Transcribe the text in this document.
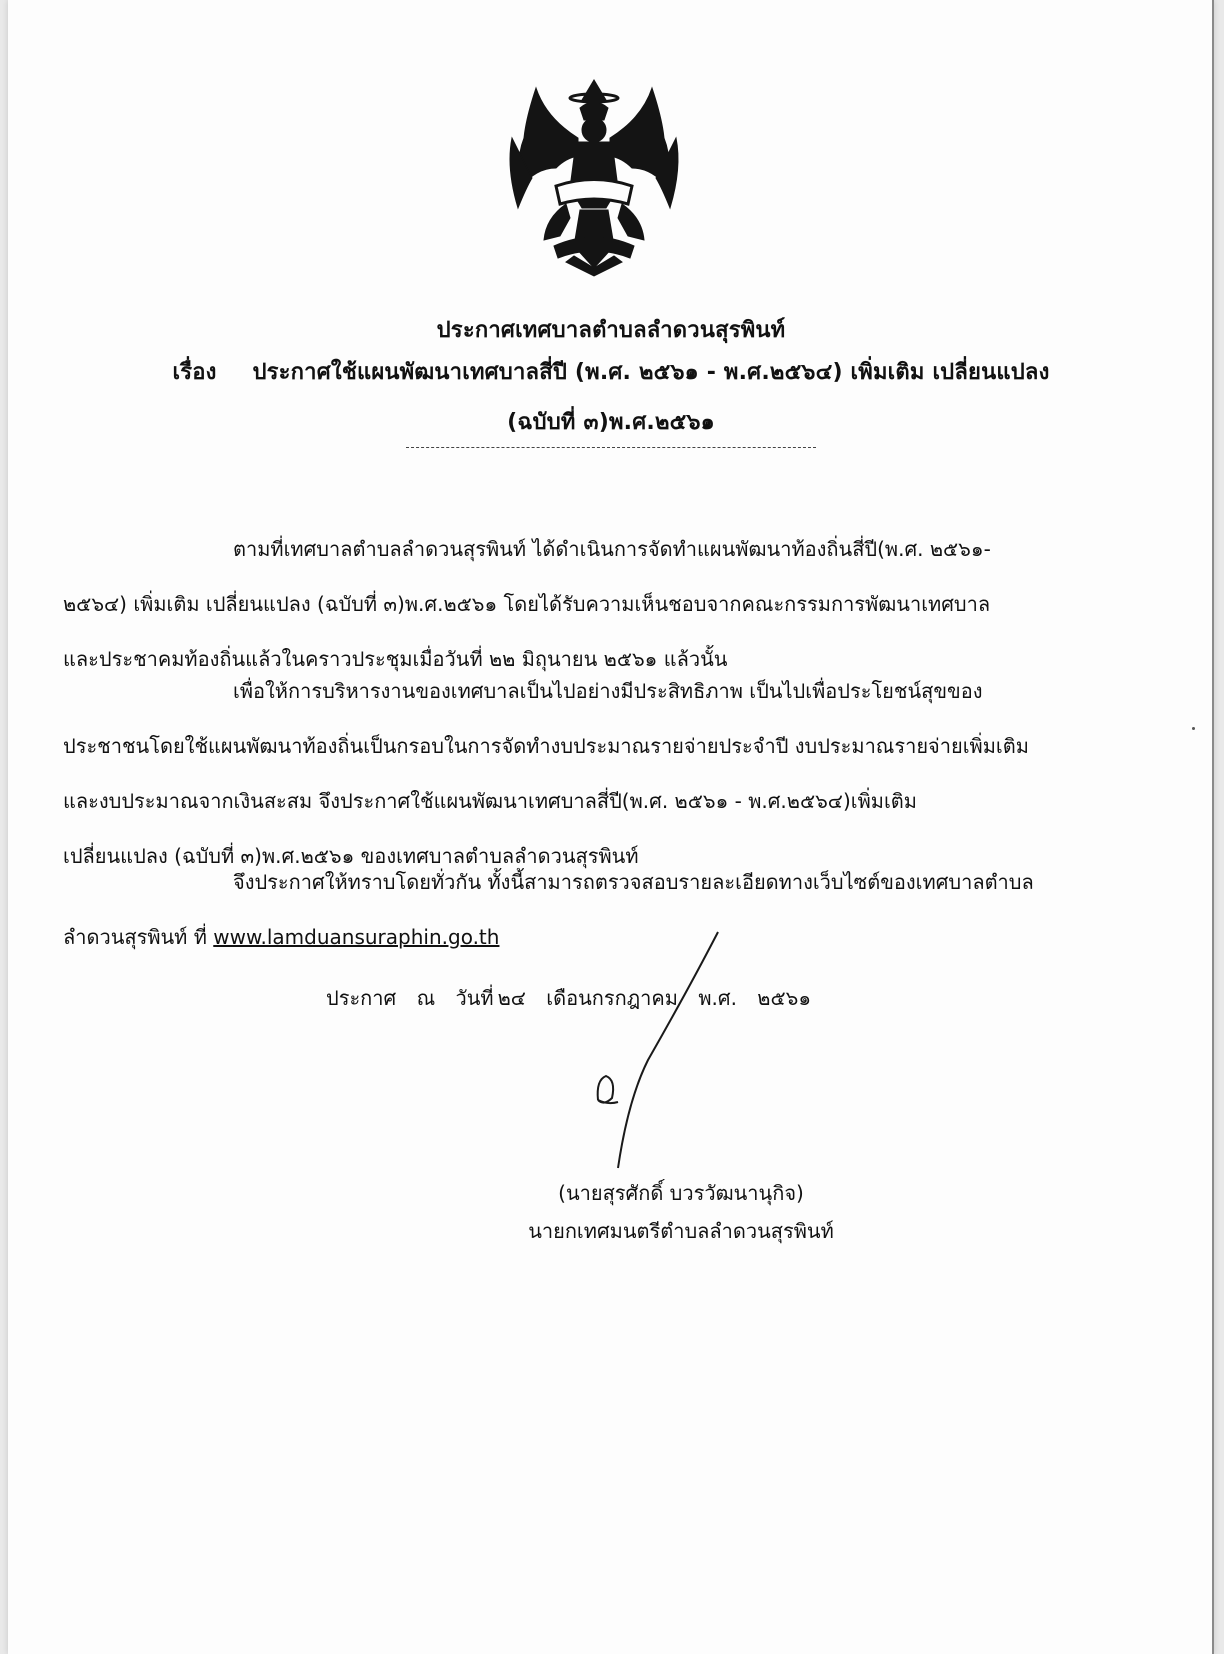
ประกาศเทศบาลตำบลลำดวนสุรพินท์
เรื่อง ประกาศใช้แผนพัฒนาเทศบาลสี่ปี (พ.ศ. ๒๕๖๑ - พ.ศ.๒๕๖๔) เพิ่มเติม เปลี่ยนแปลง
(ฉบับที่ ๓)พ.ศ.๒๕๖๑
ตามที่เทศบาลตำบลลำดวนสุรพินท์ ได้ดำเนินการจัดทำแผนพัฒนาท้องถิ่นสี่ปี(พ.ศ. ๒๕๖๑-
๒๕๖๔) เพิ่มเติม เปลี่ยนแปลง (ฉบับที่ ๓)พ.ศ.๒๕๖๑ โดยได้รับความเห็นชอบจากคณะกรรมการพัฒนาเทศบาล
และประชาคมท้องถิ่นแล้วในคราวประชุมเมื่อวันที่ ๒๒ มิถุนายน ๒๕๖๑ แล้วนั้น
เพื่อให้การบริหารงานของเทศบาลเป็นไปอย่างมีประสิทธิภาพ เป็นไปเพื่อประโยชน์สุขของ
ประชาชนโดยใช้แผนพัฒนาท้องถิ่นเป็นกรอบในการจัดทำงบประมาณรายจ่ายประจำปี งบประมาณรายจ่ายเพิ่มเติม
และงบประมาณจากเงินสะสม จึงประกาศใช้แผนพัฒนาเทศบาลสี่ปี(พ.ศ. ๒๕๖๑ - พ.ศ.๒๕๖๔)เพิ่มเติม
เปลี่ยนแปลง (ฉบับที่ ๓)พ.ศ.๒๕๖๑ ของเทศบาลตำบลลำดวนสุรพินท์
จึงประกาศให้ทราบโดยทั่วกัน ทั้งนี้สามารถตรวจสอบรายละเอียดทางเว็บไซต์ของเทศบาลตำบล
ลำดวนสุรพินท์ ที่ www.lamduansuraphin.go.th
ประกาศ ณ วันที่ ๒๔ เดือนกรกฎาคม พ.ศ. ๒๕๖๑
(นายสุรศักดิ์ บวรวัฒนานุกิจ)
นายกเทศมนตรีตำบลลำดวนสุรพินท์
